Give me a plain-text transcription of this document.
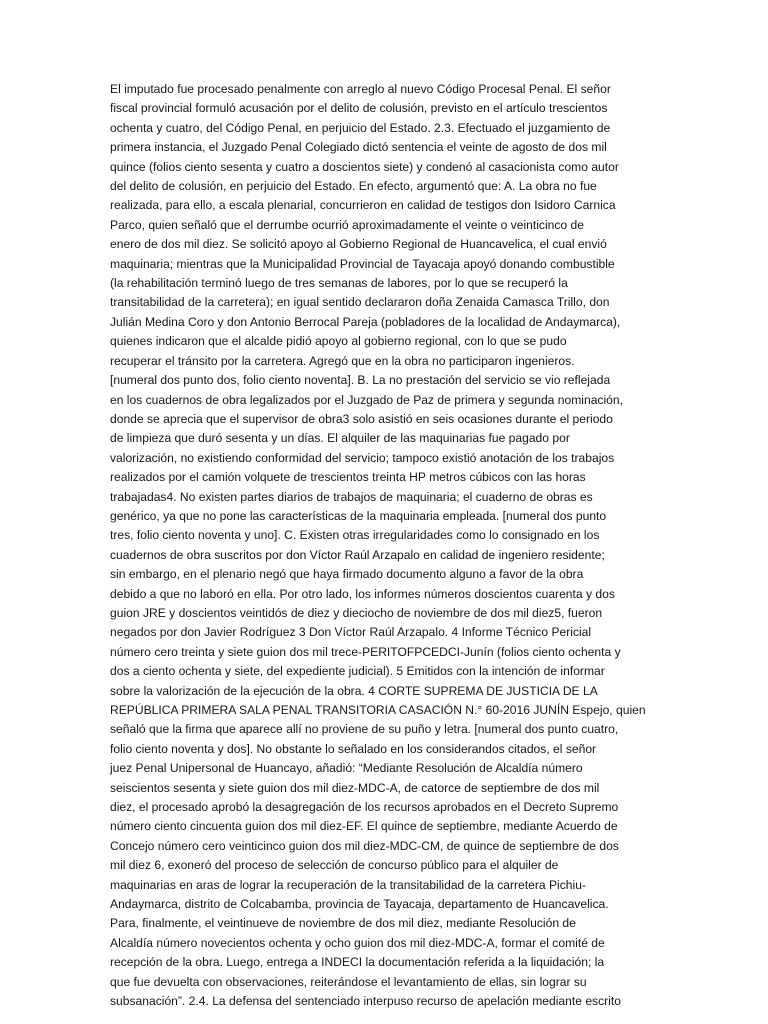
El imputado fue procesado penalmente con arreglo al nuevo Código Procesal Penal. El señor
fiscal provincial formuló acusación por el delito de colusión, previsto en el artículo trescientos
ochenta y cuatro, del Código Penal, en perjuicio del Estado. 2.3. Efectuado el juzgamiento de
primera instancia, el Juzgado Penal Colegiado dictó sentencia el veinte de agosto de dos mil
quince (folios ciento sesenta y cuatro a doscientos siete) y condenó al casacionista como autor
del delito de colusión, en perjuicio del Estado. En efecto, argumentó que: A. La obra no fue
realizada, para ello, a escala plenarial, concurrieron en calidad de testigos don Isidoro Carnica
Parco, quien señaló que el derrumbe ocurrió aproximadamente el veinte o veinticinco de
enero de dos mil diez. Se solicitó apoyo al Gobierno Regional de Huancavelica, el cual envió
maquinaria; mientras que la Municipalidad Provincial de Tayacaja apoyó donando combustible
(la rehabilitación terminó luego de tres semanas de labores, por lo que se recuperó la
transitabilidad de la carretera); en igual sentido declararon doña Zenaida Camasca Trillo, don
Julián Medina Coro y don Antonio Berrocal Pareja (pobladores de la localidad de Andaymarca),
quienes indicaron que el alcalde pidió apoyo al gobierno regional, con lo que se pudo
recuperar el tránsito por la carretera. Agregó que en la obra no participaron ingenieros.
[numeral dos punto dos, folio ciento noventa]. B. La no prestación del servicio se vio reflejada
en los cuadernos de obra legalizados por el Juzgado de Paz de primera y segunda nominación,
donde se aprecia que el supervisor de obra3 solo asistió en seis ocasiones durante el periodo
de limpieza que duró sesenta y un días. El alquiler de las maquinarias fue pagado por
valorización, no existiendo conformidad del servicio; tampoco existió anotación de los trabajos
realizados por el camión volquete de trescientos treinta HP metros cúbicos con las horas
trabajadas4. No existen partes diarios de trabajos de maquinaria; el cuaderno de obras es
genérico, ya que no pone las características de la maquinaria empleada. [numeral dos punto
tres, folio ciento noventa y uno]. C. Existen otras irregularidades como lo consignado en los
cuadernos de obra suscritos por don Víctor Raúl Arzapalo en calidad de ingeniero residente;
sin embargo, en el plenario negó que haya firmado documento alguno a favor de la obra
debido a que no laboró en ella. Por otro lado, los informes números doscientos cuarenta y dos
guion JRE y doscientos veintidós de diez y dieciocho de noviembre de dos mil diez5, fueron
negados por don Javier Rodríguez 3 Don Víctor Raúl Arzapalo. 4 Informe Técnico Pericial
número cero treinta y siete guion dos mil trece-PERITOFPCEDCI-Junín (folios ciento ochenta y
dos a ciento ochenta y siete, del expediente judicial). 5 Emitidos con la intención de informar
sobre la valorización de la ejecución de la obra. 4 CORTE SUPREMA DE JUSTICIA DE LA
REPÚBLICA PRIMERA SALA PENAL TRANSITORIA CASACIÓN N.° 60-2016 JUNÍN Espejo, quien
señaló que la firma que aparece allí no proviene de su puño y letra. [numeral dos punto cuatro,
folio ciento noventa y dos]. No obstante lo señalado en los considerandos citados, el señor
juez Penal Unipersonal de Huancayo, añadió: “Mediante Resolución de Alcaldía número
seiscientos sesenta y siete guion dos mil diez-MDC-A, de catorce de septiembre de dos mil
diez, el procesado aprobó la desagregación de los recursos aprobados en el Decreto Supremo
número ciento cincuenta guion dos mil diez-EF. El quince de septiembre, mediante Acuerdo de
Concejo número cero veinticinco guion dos mil diez-MDC-CM, de quince de septiembre de dos
mil diez 6, exoneró del proceso de selección de concurso público para el alquiler de
maquinarias en aras de lograr la recuperación de la transitabilidad de la carretera Pichiu-
Andaymarca, distrito de Colcabamba, provincia de Tayacaja, departamento de Huancavelica.
Para, finalmente, el veintinueve de noviembre de dos mil diez, mediante Resolución de
Alcaldía número novecientos ochenta y ocho guion dos mil diez-MDC-A, formar el comité de
recepción de la obra. Luego, entrega a INDECI la documentación referida a la liquidación; la
que fue devuelta con observaciones, reiterándose el levantamiento de ellas, sin lograr su
subsanación”. 2.4. La defensa del sentenciado interpuso recurso de apelación mediante escrito
